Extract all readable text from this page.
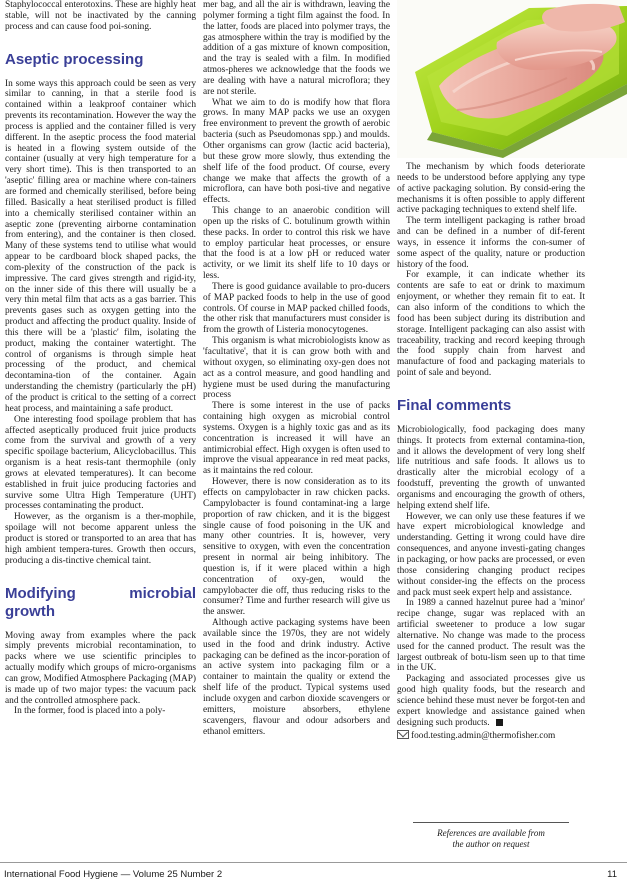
Staphylococcal enterotoxins. These are highly heat stable, will not be inactivated by the canning process and can cause food poi-soning.

Aseptic processing

In some ways this approach could be seen as very similar to canning, in that a sterile food is contained within a leakproof container which prevents its recontamination. However the way the process is applied and the container filled is very different. In the aseptic process the food material is heated in a flowing system outside of the container (usually at very high temperature for a very short time). This is then transported to an 'aseptic' filling area or machine where con-tainers are formed and chemically sterilised, before being filled. Basically a heat sterilised product is filled into a chemically sterilised container within an aseptic zone (preventing airborne contamination from entering), and the container is then closed. Many of these systems tend to utilise what would appear to be cardboard block shaped packs, the com-plexity of the construction of the pack is impressive. The card gives strength and rigid-ity, on the inner side of this there will usually be a very thin metal film that acts as a gas barrier. This prevents gases such as oxygen getting into the product and affecting the product quality. Inside of this there will be a 'plastic' film, isolating the product, making the container watertight. The control of organisms is through simple heat processing of the product, and chemical decontamina-tion of the container. Again understanding the chemistry (particularly the pH) of the product is critical to the setting of a correct heat process, and maintaining a safe product.

One interesting food spoilage problem that has affected aseptically produced fruit juice products come from the survival and growth of a very specific spoilage bacterium, Alicyclobacillus. This organism is a heat resis-tant thermophile (only grows at elevated temperatures). It can become established in fruit juice producing factories and survive some Ultra High Temperature (UHT) processes contaminating the product.

However, as the organism is a ther-mophile, spoilage will not become apparent unless the product is stored or transported to an area that has high ambient tempera-tures. Growth then occurs, producing a dis-tinctive chemical taint.

Modifying microbial growth

Moving away from examples where the pack simply prevents microbial recontamination, to packs where we use scientific principles to actually modify which groups of micro-organisms can grow, Modified Atmosphere Packaging (MAP) is made up of two major types: the vacuum pack and the controlled atmosphere pack.

In the former, food is placed into a poly-

mer bag, and all the air is withdrawn, leaving the polymer forming a tight film against the food. In the latter, foods are placed into polymer trays, the gas atmosphere within the tray is modified by the addition of a gas mixture of known composition, and the tray is sealed with a film. In modified atmos-pheres we acknowledge that the foods we are dealing with have a natural microflora; they are not sterile.

What we aim to do is modify how that flora grows. In many MAP packs we use an oxygen free environment to prevent the growth of aerobic bacteria (such as Pseudomonas spp.) and moulds. Other organisms can grow (lactic acid bacteria), but these grow more slowly, thus extending the shelf life of the food product. Of course, every change we make that affects the growth of a microflora, can have both posi-tive and negative effects.

This change to an anaerobic condition will open up the risks of C. botulinum growth within these packs. In order to control this risk we have to employ particular heat processes, or ensure that the food is at a low pH or reduced water activity, or we limit its shelf life to 10 days or less.

There is good guidance available to pro-ducers of MAP packed foods to help in the use of good controls. Of course in MAP packed chilled foods, the other risk that manufacturers must consider is from the growth of Listeria monocytogenes.

This organism is what microbiologists know as 'facultative', that it is can grow both with and without oxygen, so eliminating oxy-gen does not act as a control measure, and good handling and hygiene must be used during the manufacturing process

There is some interest in the use of packs containing high oxygen as microbial control systems. Oxygen is a highly toxic gas and as its concentration is increased it will have an antimicrobial effect. High oxygen is often used to improve the visual appearance in red meat packs, as it maintains the red colour.

However, there is now consideration as to its effects on campylobacter in raw chicken packs. Campylobacter is found contaminat-ing a large proportion of raw chicken, and it is the biggest single cause of food poisoning in the UK and many other countries. It is, however, very sensitive to oxygen, with even the concentration present in normal air being inhibitory. The question is, if it were placed within a high concentration of oxy-gen, would the campylobacter die off, thus reducing risks to the consumer? Time and further research will give us the answer.

Although active packaging systems have been available since the 1970s, they are not widely used in the food and drink industry. Active packaging can be defined as the incor-poration of an active system into packaging film or a container to maintain the quality or extend the shelf life of the product. Typical systems used include oxygen and carbon dioxide scavengers or emitters, moisture absorbers, ethylene scavengers, flavour and odour adsorbers and ethanol emitters.

The mechanism by which foods deteriorate needs to be understood before applying any type of active packaging solution. By consid-ering the mechanisms it is often possible to apply different active packaging techniques to extend shelf life.

The term intelligent packaging is rather broad and can be defined in a number of dif-ferent ways, in essence it informs the con-sumer of some aspect of the quality, nature or production history of the food.

For example, it can indicate whether its contents are safe to eat or drink to maximum enjoyment, or whether they remain fit to eat. It can also inform of the conditions to which the food has been subject during its distribution and storage. Intelligent packaging can also assist with traceability, tracking and record keeping through the food supply chain from harvest and manufacture of food and packaging materials to point of sale and beyond.

Final comments

Microbiologically, food packaging does many things. It protects from external contamina-tion, and it allows the development of very long shelf life nutritious and safe foods. It allows us to drastically alter the microbial ecology of a foodstuff, preventing the growth of unwanted organisms and encouraging the growth of others, helping extend shelf life.

However, we can only use these features if we have expert microbiological knowledge and understanding. Getting it wrong could have dire consequences, and anyone investi-gating changes in packaging, or how packs are processed, or even those considering changing product recipes without consider-ing the effects on the process and pack must seek expert help and assistance.

In 1989 a canned hazelnut puree had a 'minor' recipe change, sugar was replaced with an artificial sweetener to produce a low sugar alternative. No change was made to the process used for the canned product. The result was the largest outbreak of botu-lism seen up to that time in the UK.

Packaging and associated processes give us good high quality foods, but the research and science behind these must never be forgot-ten and expert knowledge and assistance gained when designing such products.

food.testing.admin@thermofisher.com

References are available from
the author on request
International Food Hygiene — Volume 25 Number 2	11
